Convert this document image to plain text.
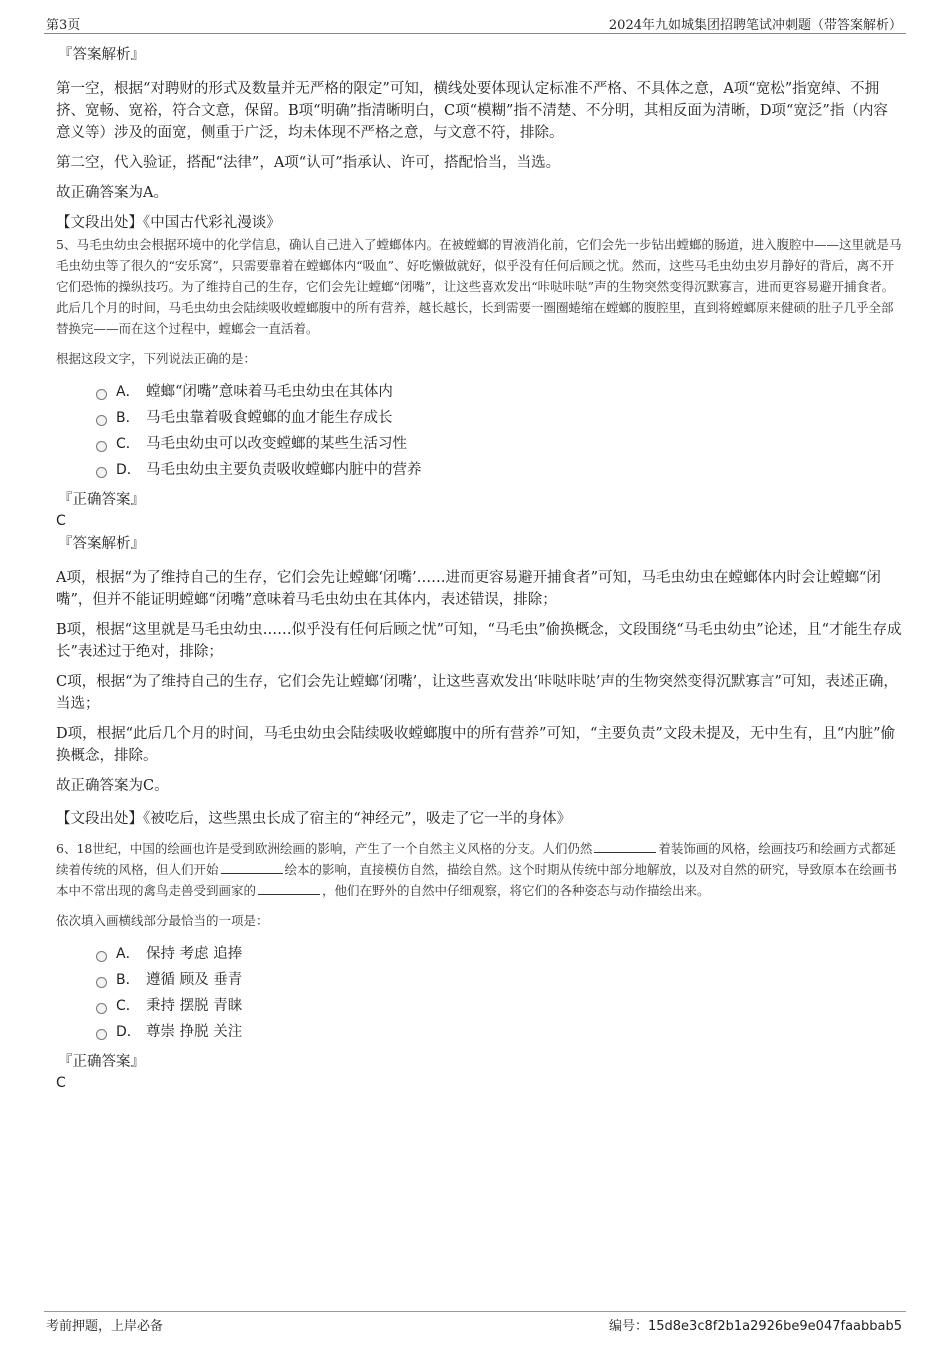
第3页	2024年九如城集团招聘笔试冲刺题（带答案解析）

『答案解析』

第一空，根据“对聘财的形式及数量并无严格的限定”可知，横线处要体现认定标准不严格、不具体之意，A项“宽松”指宽绰、不拥挤、宽畅、宽裕，符合文意，保留。B项“明确”指清晰明白，C项“模糊”指不清楚、不分明，其相反面为清晰，D项“宽泛”指（内容意义等）涉及的面宽，侧重于广泛，均未体现不严格之意，与文意不符，排除。

第二空，代入验证，搭配“法律”，A项“认可”指承认、许可，搭配恰当，当选。

故正确答案为A。

【文段出处】《中国古代彩礼漫谈》

5、马毛虫幼虫会根据环境中的化学信息，确认自己进入了螳螂体内。在被螳螂的胃液消化前，它们会先一步钻出螳螂的肠道，进入腹腔中——这里就是马毛虫幼虫等了很久的“安乐窝”，只需要靠着在螳螂体内“吸血”、好吃懒做就好，似乎没有任何后顾之忧。然而，这些马毛虫幼虫岁月静好的背后，离不开它们恐怖的操纵技巧。为了维持自己的生存，它们会先让螳螂“闭嘴”，让这些喜欢发出“咔哒咔哒”声的生物突然变得沉默寡言，进而更容易避开捕食者。此后几个月的时间，马毛虫幼虫会陆续吸收螳螂腹中的所有营养，越长越长，长到需要一圈圈蜷缩在螳螂的腹腔里，直到将螳螂原来健硕的肚子几乎全部替换完——而在这个过程中，螳螂会一直活着。

根据这段文字，下列说法正确的是：

A． 螳螂“闭嘴”意味着马毛虫幼虫在其体内
B． 马毛虫靠着吸食螳螂的血才能生存成长
C． 马毛虫幼虫可以改变螳螂的某些生活习性
D． 马毛虫幼虫主要负责吸收螳螂内脏中的营养

『正确答案』

C

『答案解析』

A项，根据“为了维持自己的生存，它们会先让螳螂‘闭嘴’……进而更容易避开捕食者”可知，马毛虫幼虫在螳螂体内时会让螳螂“闭嘴”，但并不能证明螳螂“闭嘴”意味着马毛虫幼虫在其体内，表述错误，排除；

B项，根据“这里就是马毛虫幼虫……似乎没有任何后顾之忧”可知，“马毛虫”偷换概念，文段围绕“马毛虫幼虫”论述，且“才能生存成长”表述过于绝对，排除；

C项，根据“为了维持自己的生存，它们会先让螳螂‘闭嘴’，让这些喜欢发出‘咔哒咔哒’声的生物突然变得沉默寡言”可知，表述正确，当选；

D项，根据“此后几个月的时间，马毛虫幼虫会陆续吸收螳螂腹中的所有营养”可知，“主要负责”文段未提及，无中生有，且“内脏”偷换概念，排除。

故正确答案为C。

【文段出处】《被吃后，这些黑虫长成了宿主的“神经元”，吸走了它一半的身体》

6、18世纪，中国的绘画也许是受到欧洲绘画的影响，产生了一个自然主义风格的分支。人们仍然	着装饰画的风格，绘画技巧和绘画方式都延续着传统的风格，但人们开始	绘本的影响，直接模仿自然，描绘自然。这个时期从传统中部分地解放，以及对自然的研究，导致原本在绘画书本中不常出现的禽鸟走兽受到画家的	，他们在野外的自然中仔细观察，将它们的各种姿态与动作描绘出来。

依次填入画横线部分最恰当的一项是：

A． 保持 考虑 追捧
B． 遵循 顾及 垂青
C． 秉持 摆脱 青睐
D． 尊崇 挣脱 关注

『正确答案』

C

考前押题，上岸必备	编号：15d8e3c8f2b1a2926be9e047faabbab5
